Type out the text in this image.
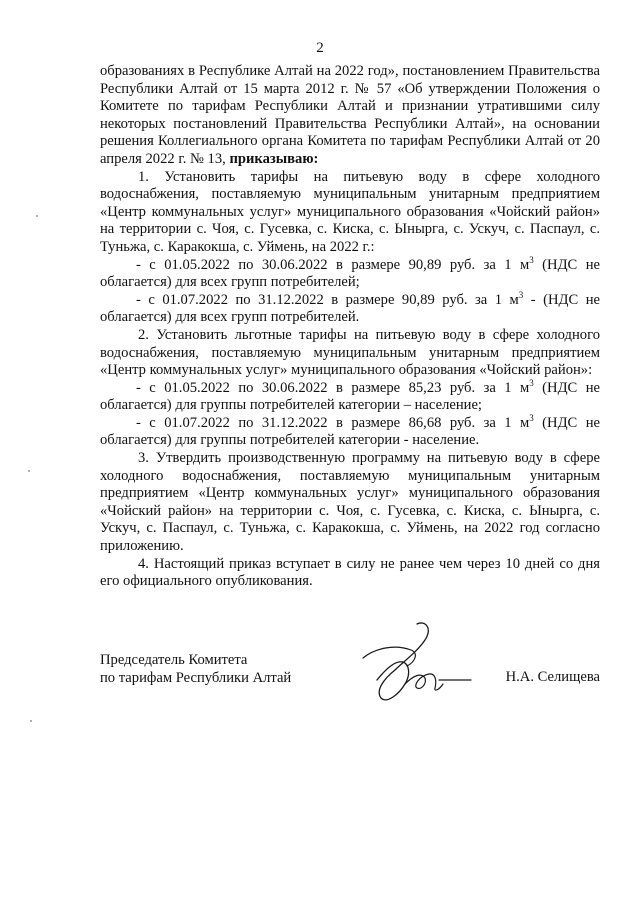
2

образованиях в Республике Алтай на 2022 год», постановлением Правительства Республики Алтай от 15 марта 2012 г. № 57 «Об утверждении Положения о Комитете по тарифам Республики Алтай и признании утратившими силу некоторых постановлений Правительства Республики Алтай», на основании решения Коллегиального органа Комитета по тарифам Республики Алтай от 20 апреля 2022 г. № 13, приказываю:

1. Установить тарифы на питьевую воду в сфере холодного водоснабжения, поставляемую муниципальным унитарным предприятием «Центр коммунальных услуг» муниципального образования «Чойский район» на территории с. Чоя, с. Гусевка, с. Киска, с. Ынырга, с. Ускуч, с. Паспаул, с. Туньжа, с. Каракокша, с. Уймень, на 2022 г.:

- с 01.05.2022 по 30.06.2022 в размере 90,89 руб. за 1 $м^3$ (НДС не облагается) для всех групп потребителей;

- с 01.07.2022 по 31.12.2022 в размере 90,89 руб. за 1 $м^3 - (НДС$ не облагается) для всех групп потребителей.

2. Установить льготные тарифы на питьевую воду в сфере холодного водоснабжения, поставляемую муниципальным унитарным предприятием «Центр коммунальных услуг» муниципального образования «Чойский район»:

- с 01.05.2022 по 30.06.2022 в размере 85,23 руб. за 1 $м^3$ (НДС не облагается) для группы потребителей категории – население;

- с 01.07.2022 по 31.12.2022 в размере 86,68 руб. за 1 $м^3$ (НДС не облагается) для группы потребителей категории - население.

3. Утвердить производственную программу на питьевую воду в сфере холодного водоснабжения, поставляемую муниципальным унитарным предприятием «Центр коммунальных услуг» муниципального образования «Чойский район» на территории с. Чоя, с. Гусевка, с. Киска, с. Ынырга, с. Ускуч, с. Паспаул, с. Туньжа, с. Каракокша, с. Уймень, на 2022 год согласно приложению.

4. Настоящий приказ вступает в силу не ранее чем через 10 дней со дня его официального опубликования.

Председатель Комитета
по тарифам Республики Алтай	Н.А. Селищева
